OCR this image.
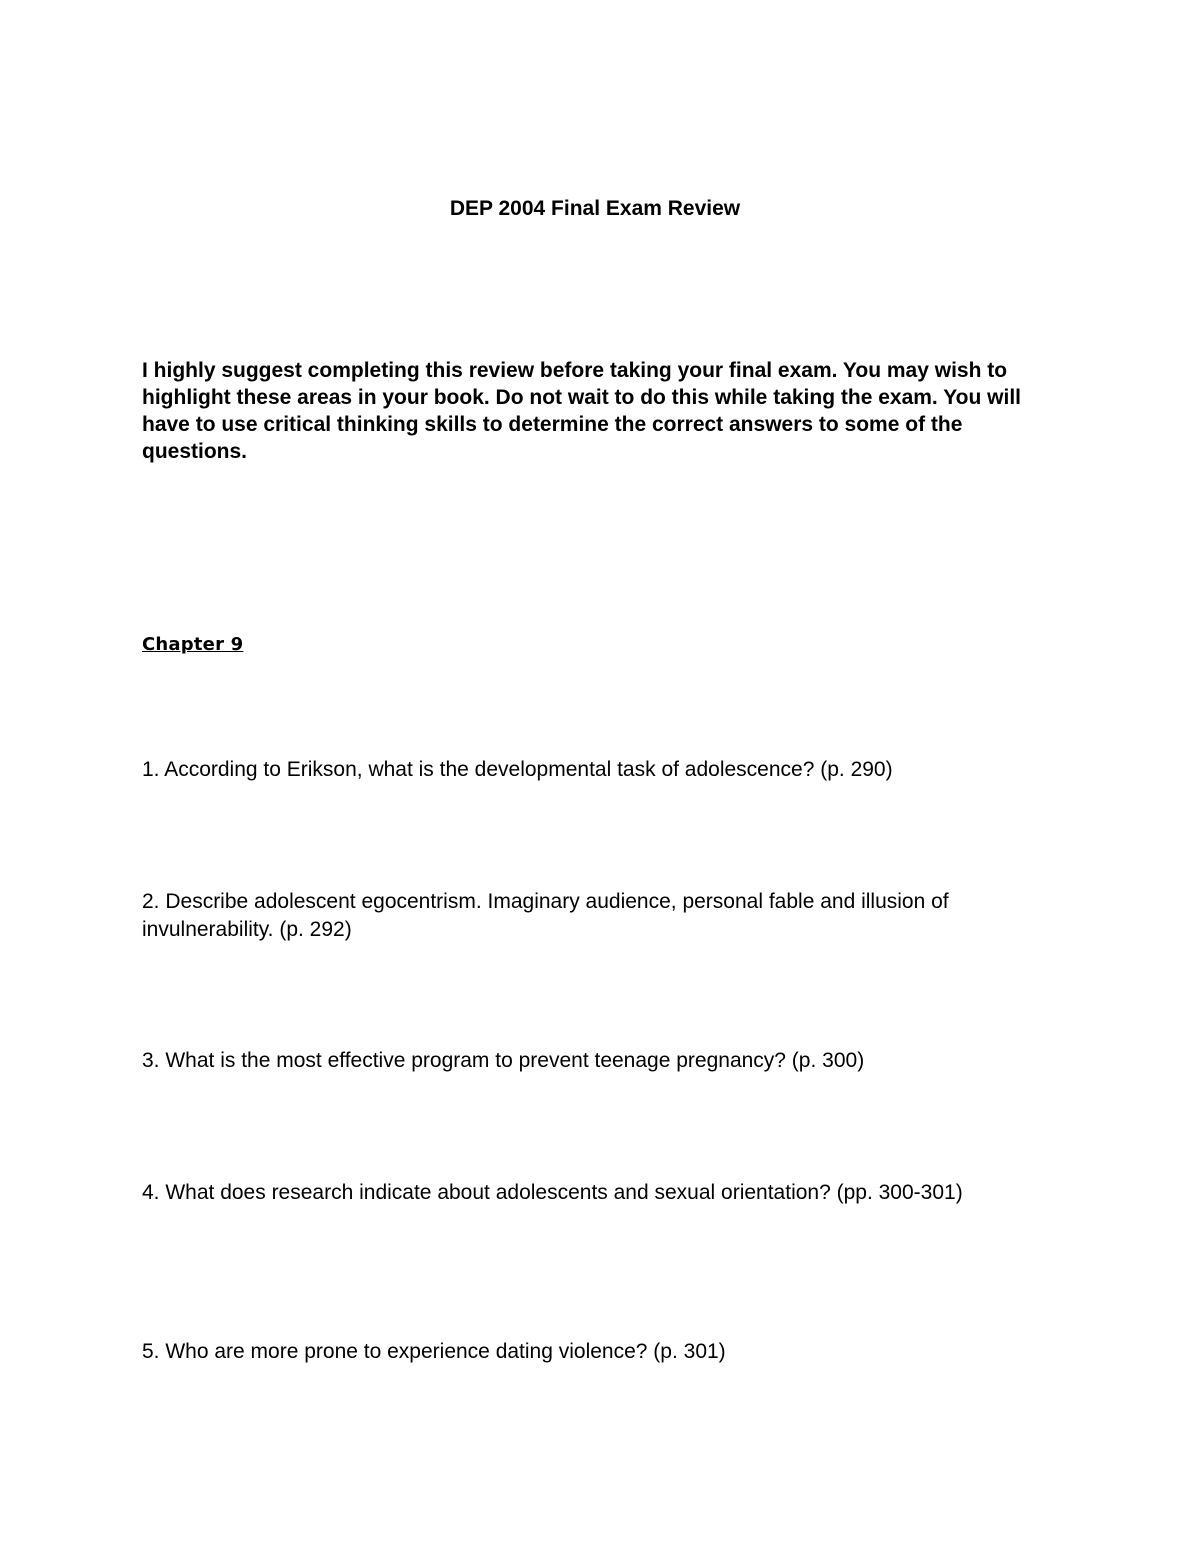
DEP 2004 Final Exam Review
I highly suggest completing this review before taking your final exam. You may wish to highlight these areas in your book. Do not wait to do this while taking the exam. You will have to use critical thinking skills to determine the correct answers to some of the questions.
Chapter 9
1. According to Erikson, what is the developmental task of adolescence? (p. 290)
2. Describe adolescent egocentrism. Imaginary audience, personal fable and illusion of invulnerability. (p. 292)
3. What is the most effective program to prevent teenage pregnancy? (p. 300)
4. What does research indicate about adolescents and sexual orientation? (pp. 300-301)
5. Who are more prone to experience dating violence? (p. 301)
